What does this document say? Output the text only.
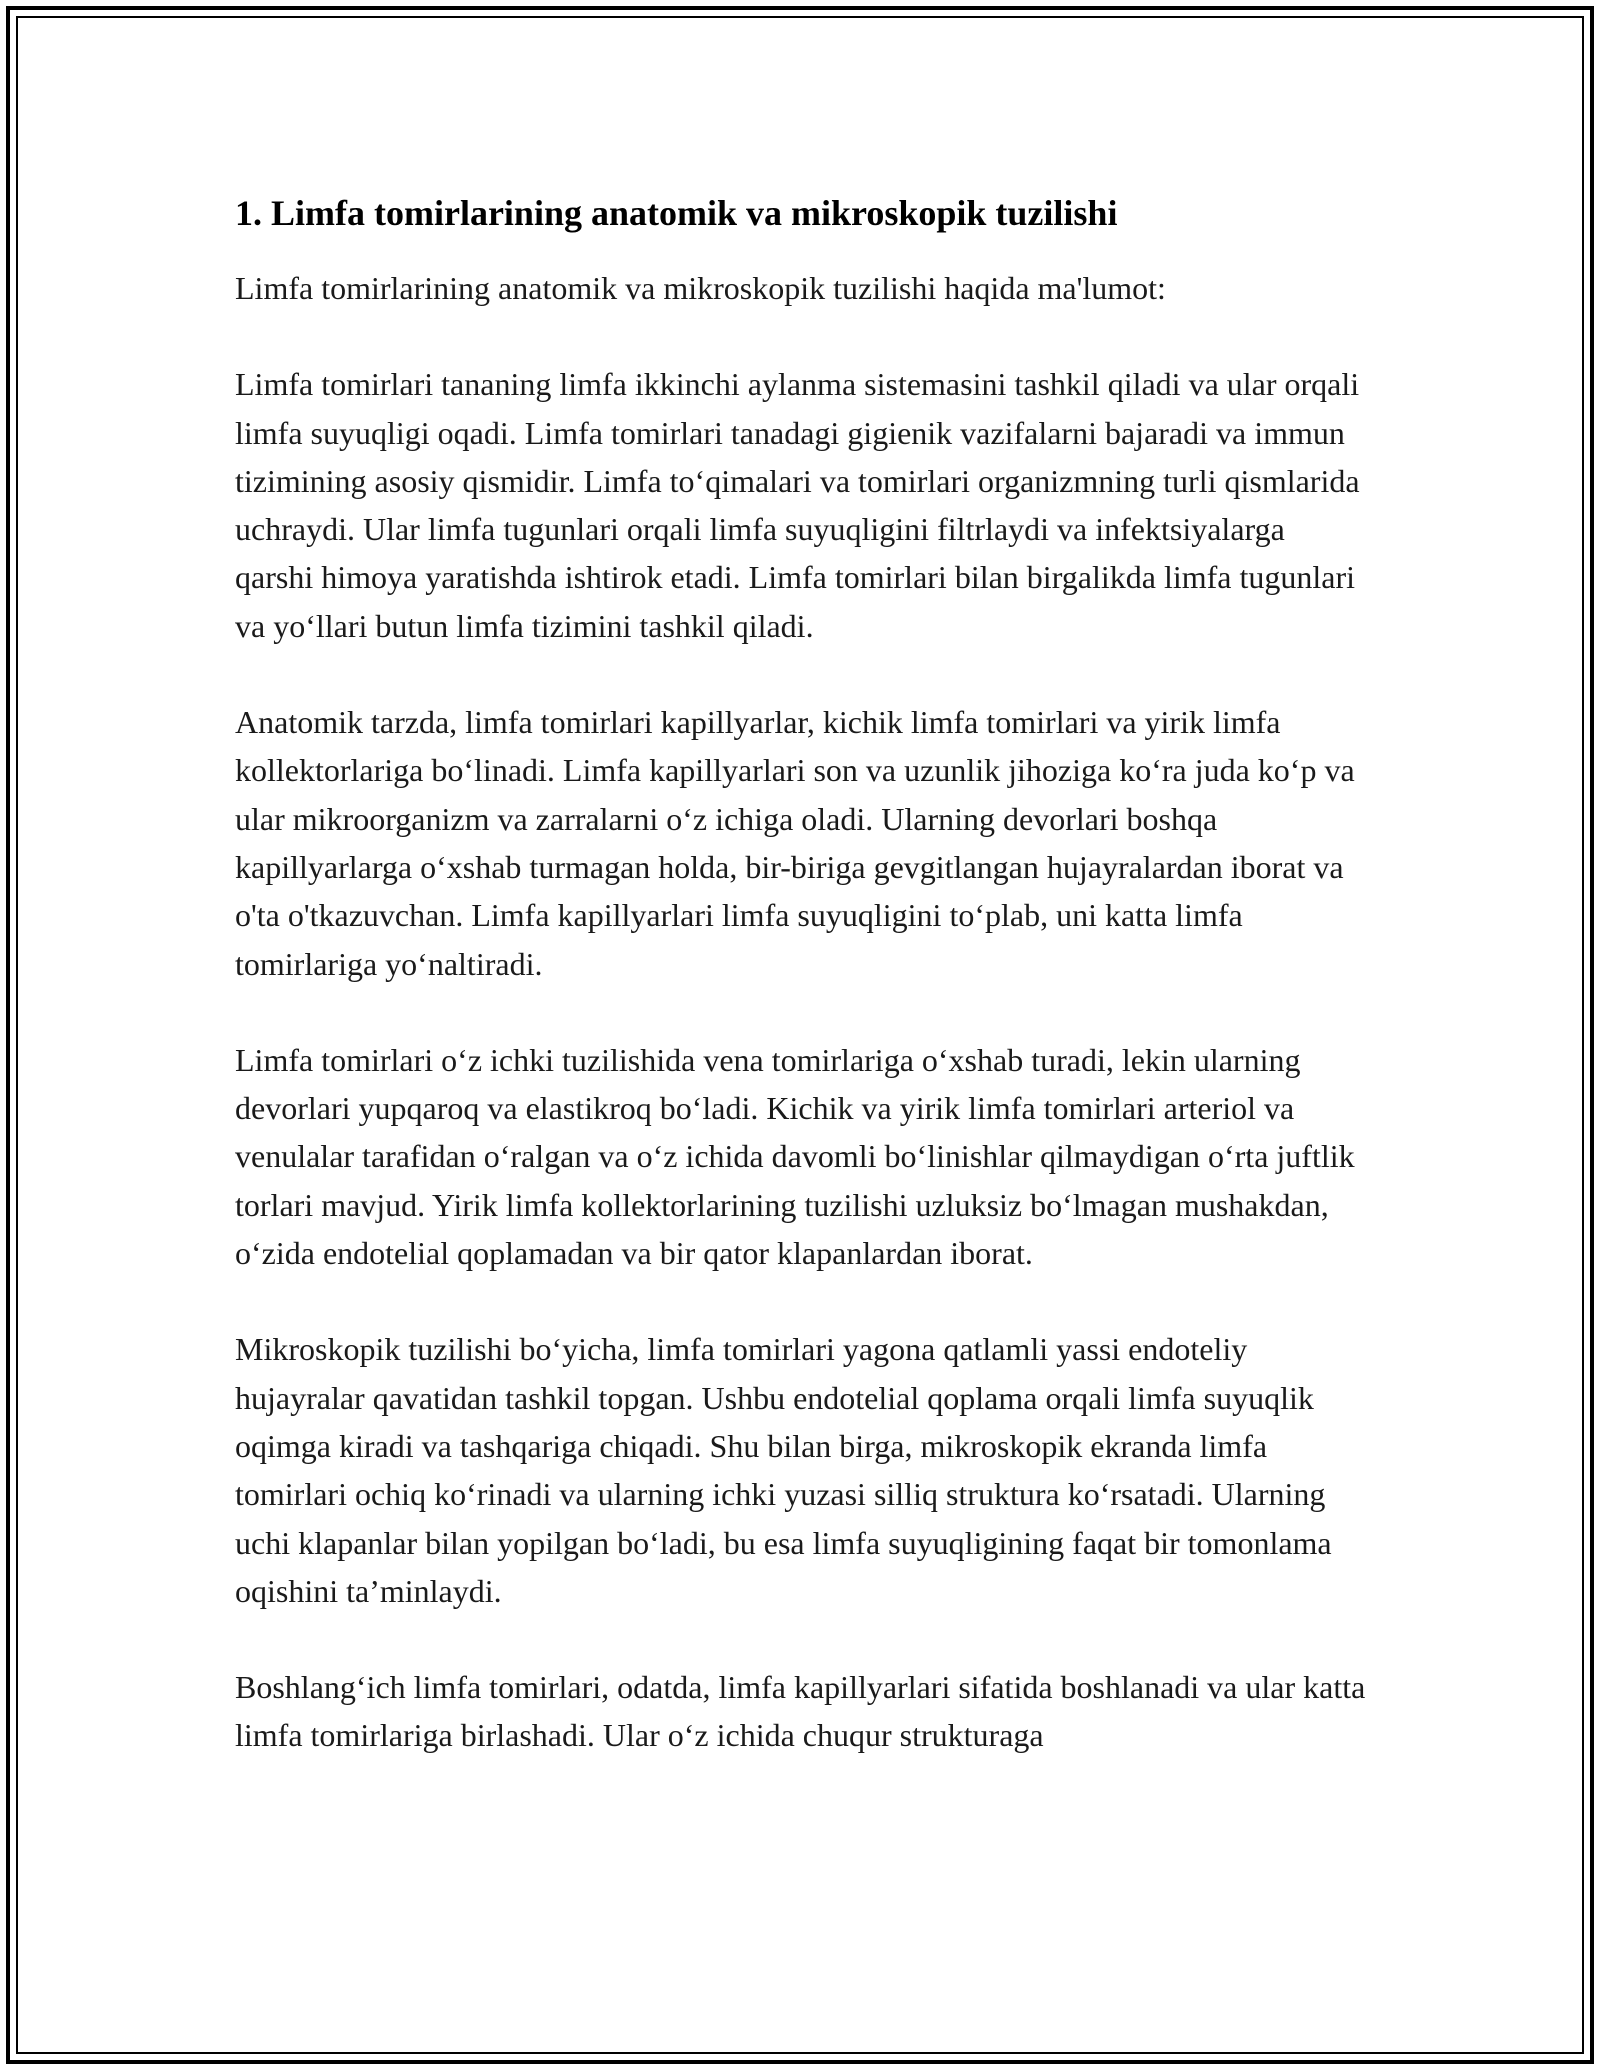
1. Limfa tomirlarining anatomik va mikroskopik tuzilishi

Limfa tomirlarining anatomik va mikroskopik tuzilishi haqida ma'lumot:

Limfa tomirlari tananing limfa ikkinchi aylanma sistemasini tashkil qiladi va ular orqali limfa suyuqligi oqadi. Limfa tomirlari tanadagi gigienik vazifalarni bajaradi va immun tizimining asosiy qismidir. Limfa to‘qimalari va tomirlari organizmning turli qismlarida uchraydi. Ular limfa tugunlari orqali limfa suyuqligini filtrlaydi va infektsiyalarga qarshi himoya yaratishda ishtirok etadi. Limfa tomirlari bilan birgalikda limfa tugunlari va yo‘llari butun limfa tizimini tashkil qiladi.

Anatomik tarzda, limfa tomirlari kapillyarlar, kichik limfa tomirlari va yirik limfa kollektorlariga bo‘linadi. Limfa kapillyarlari son va uzunlik jihoziga ko‘ra juda ko‘p va ular mikroorganizm va zarralarni o‘z ichiga oladi. Ularning devorlari boshqa kapillyarlarga o‘xshab turmagan holda, bir-biriga gevgitlangan hujayralardan iborat va o'ta o'tkazuvchan. Limfa kapillyarlari limfa suyuqligini to‘plab, uni katta limfa tomirlariga yo‘naltiradi.

Limfa tomirlari o‘z ichki tuzilishida vena tomirlariga o‘xshab turadi, lekin ularning devorlari yupqaroq va elastikroq bo‘ladi. Kichik va yirik limfa tomirlari arteriol va venulalar tarafidan o‘ralgan va o‘z ichida davomli bo‘linishlar qilmaydigan o‘rta juftlik torlari mavjud. Yirik limfa kollektorlarining tuzilishi uzluksiz bo‘lmagan mushakdan, o‘zida endotelial qoplamadan va bir qator klapanlardan iborat.

Mikroskopik tuzilishi bo‘yicha, limfa tomirlari yagona qatlamli yassi endoteliy hujayralar qavatidan tashkil topgan. Ushbu endotelial qoplama orqali limfa suyuqlik oqimga kiradi va tashqariga chiqadi. Shu bilan birga, mikroskopik ekranda limfa tomirlari ochiq ko‘rinadi va ularning ichki yuzasi silliq struktura ko‘rsatadi. Ularning uchi klapanlar bilan yopilgan bo‘ladi, bu esa limfa suyuqligining faqat bir tomonlama oqishini ta’minlaydi.

Boshlang‘ich limfa tomirlari, odatda, limfa kapillyarlari sifatida boshlanadi va ular katta limfa tomirlariga birlashadi. Ular o‘z ichida chuqur strukturaga
